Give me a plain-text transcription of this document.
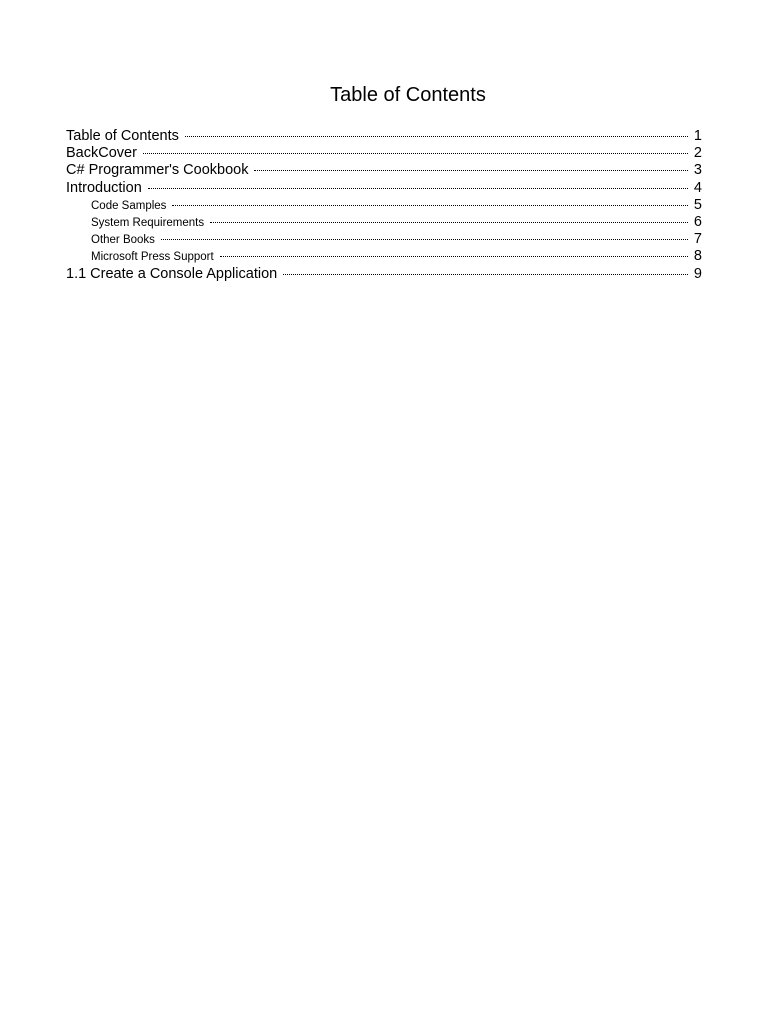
Table of Contents
Table of Contents	1
BackCover	2
C# Programmer's Cookbook	3
Introduction	4
Code Samples	5
System Requirements	6
Other Books	7
Microsoft Press Support	8
1.1 Create a Console Application	9
